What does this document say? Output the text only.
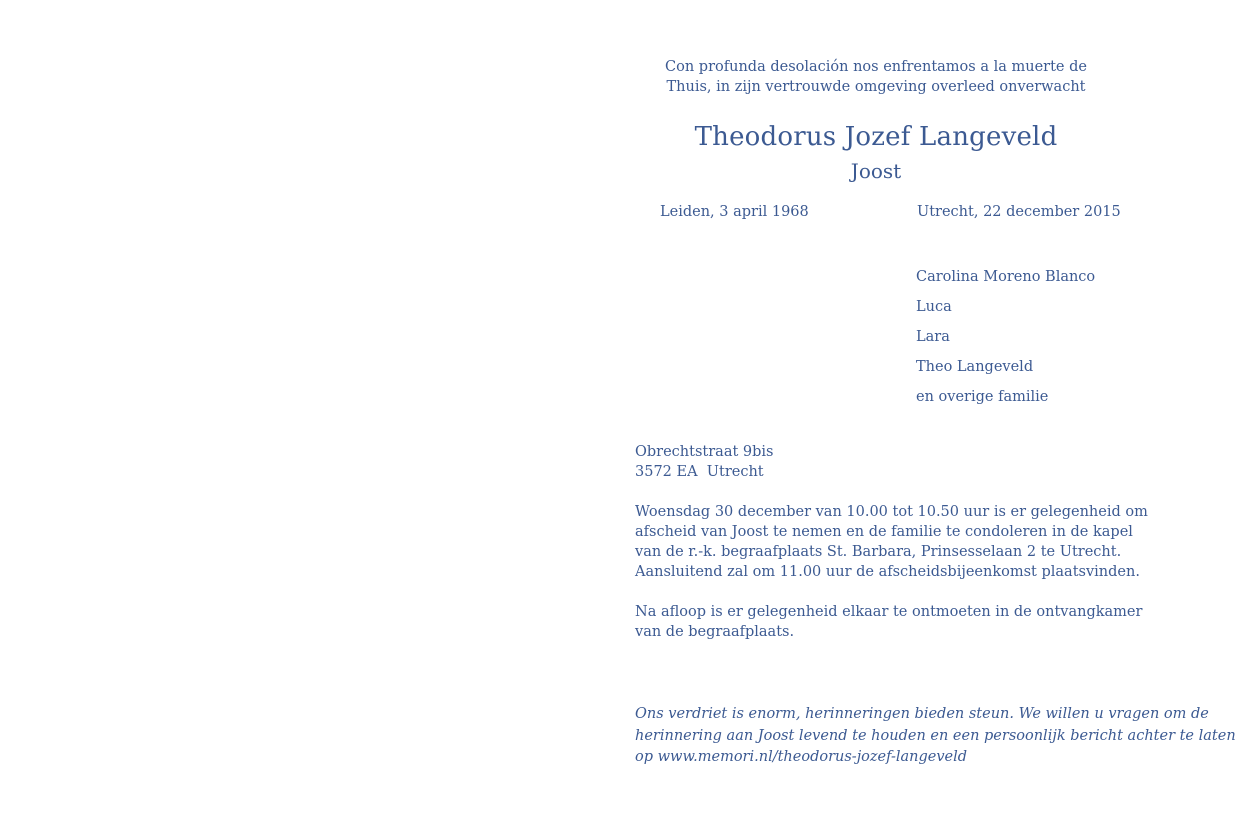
Con profunda desolación nos enfrentamos a la muerte de
Thuis, in zijn vertrouwde omgeving overleed onverwacht
Theodorus Jozef Langeveld
Joost
Leiden, 3 april 1968	Utrecht, 22 december 2015
Carolina Moreno Blanco
Luca
Lara
Theo Langeveld
en overige familie
Obrechtstraat 9bis
3572 EA  Utrecht
Woensdag 30 december van 10.00 tot 10.50 uur is er gelegenheid om
afscheid van Joost te nemen en de familie te condoleren in de kapel
van de r.-k. begraafplaats St. Barbara, Prinsesselaan 2 te Utrecht.
Aansluitend zal om 11.00 uur de afscheidsbijeenkomst plaatsvinden.
Na afloop is er gelegenheid elkaar te ontmoeten in de ontvangkamer
van de begraafplaats.
Ons verdriet is enorm, herinneringen bieden steun. We willen u vragen om de
herinnering aan Joost levend te houden en een persoonlijk bericht achter te laten
op www.memori.nl/theodorus-jozef-langeveld
